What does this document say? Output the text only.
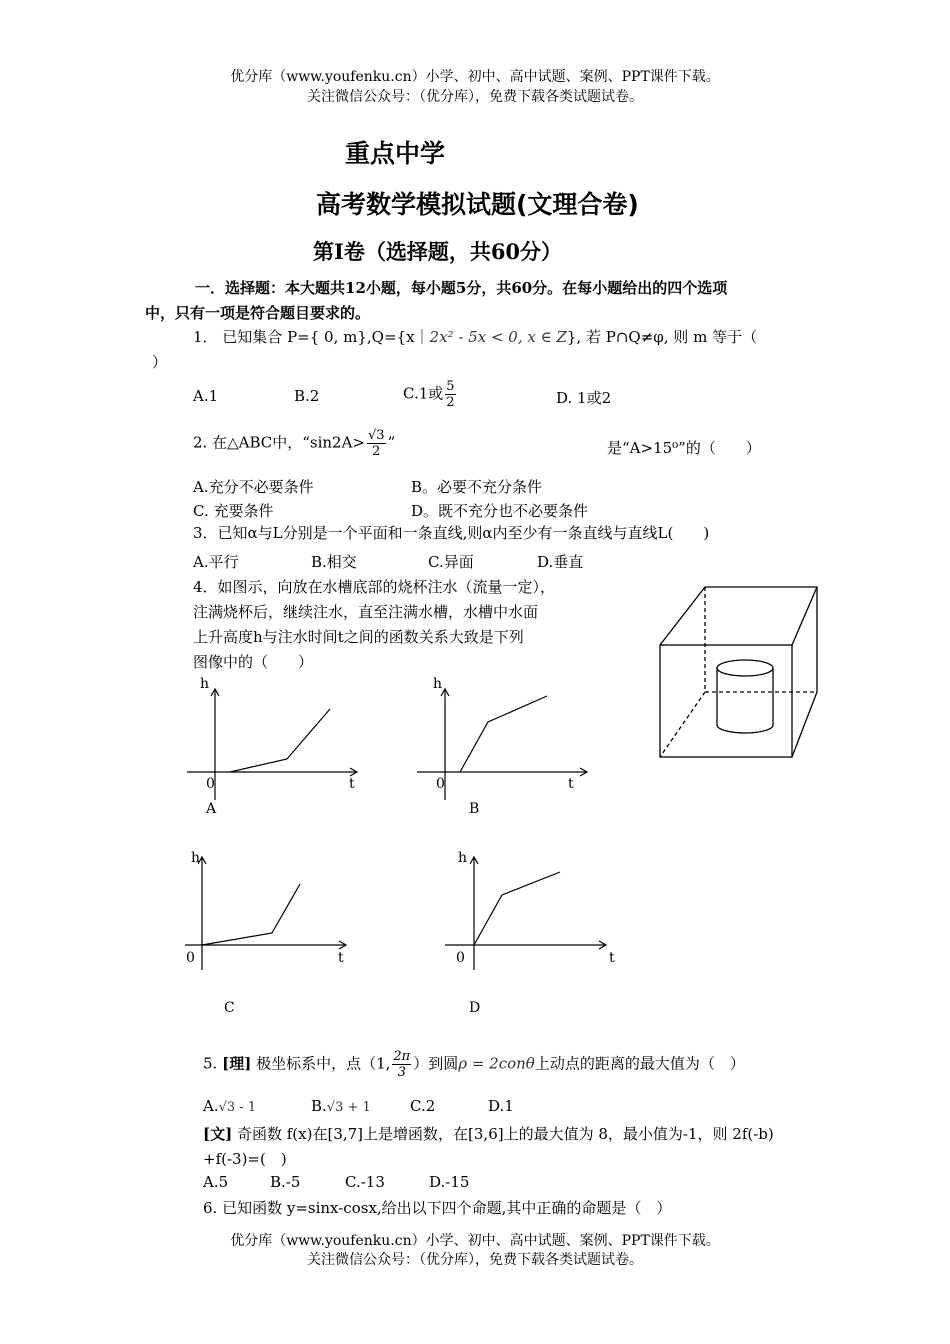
优分库（www.youfenku.cn）小学、初中、高中试题、案例、PPT课件下载。
关注微信公众号：（优分库），免费下载各类试题试卷。
重点中学
高考数学模拟试题(文理合卷)
第Ⅰ卷（选择题，共60分）
一．选择题：本大题共12小题，每小题5分，共60分。在每小题给出的四个选项
中，只有一项是符合题目要求的。
1． 已知集合 P={ 0, m},Q={x｜2x² - 5x < 0, x ∈ Z}, 若 P∩Q≠φ, 则 m 等于（
）
A.1	B.2	C.1或 $\frac{5}{2}$	D. 1或2
2. 在△ABC中，“$\sin 2A> \frac{√3}{2}$ ”	是“A>15⁰”的（　　）
A.充分不必要条件	B。必要不充分条件
C. 充要条件	D。既不充分也不必要条件
3．已知α与L分别是一个平面和一条直线,则α内至少有一条直线与直线L(　　)
A.平行	B.相交	C.异面	D.垂直
4．如图示，向放在水槽底部的烧杯注水（流量一定），
注满烧杯后，继续注水，直至注满水槽，水槽中水面
上升高度h与注水时间t之间的函数关系大致是下列
图像中的（　　）
h
0	t
A
h
0	t
B
h
0	t
C
h
0	t
D
5. [理] 极坐标系中，点（1, $\frac{2\pi}{3}$ ）到圆ρ = 2conθ上动点的距离的最大值为（　）
A.√3 - 1	B.√3 + 1	C.2	D.1
[文] 奇函数 f(x)在[3,7]上是增函数，在[3,6]上的最大值为 8，最小值为-1，则 2f(-b)
+f(-3)=(　)
A.5	B.-5	C.-13	D.-15
6. 已知函数 y=sinx-cosx,给出以下四个命题,其中正确的命题是（　）
优分库（www.youfenku.cn）小学、初中、高中试题、案例、PPT课件下载。
关注微信公众号：（优分库），免费下载各类试题试卷。
